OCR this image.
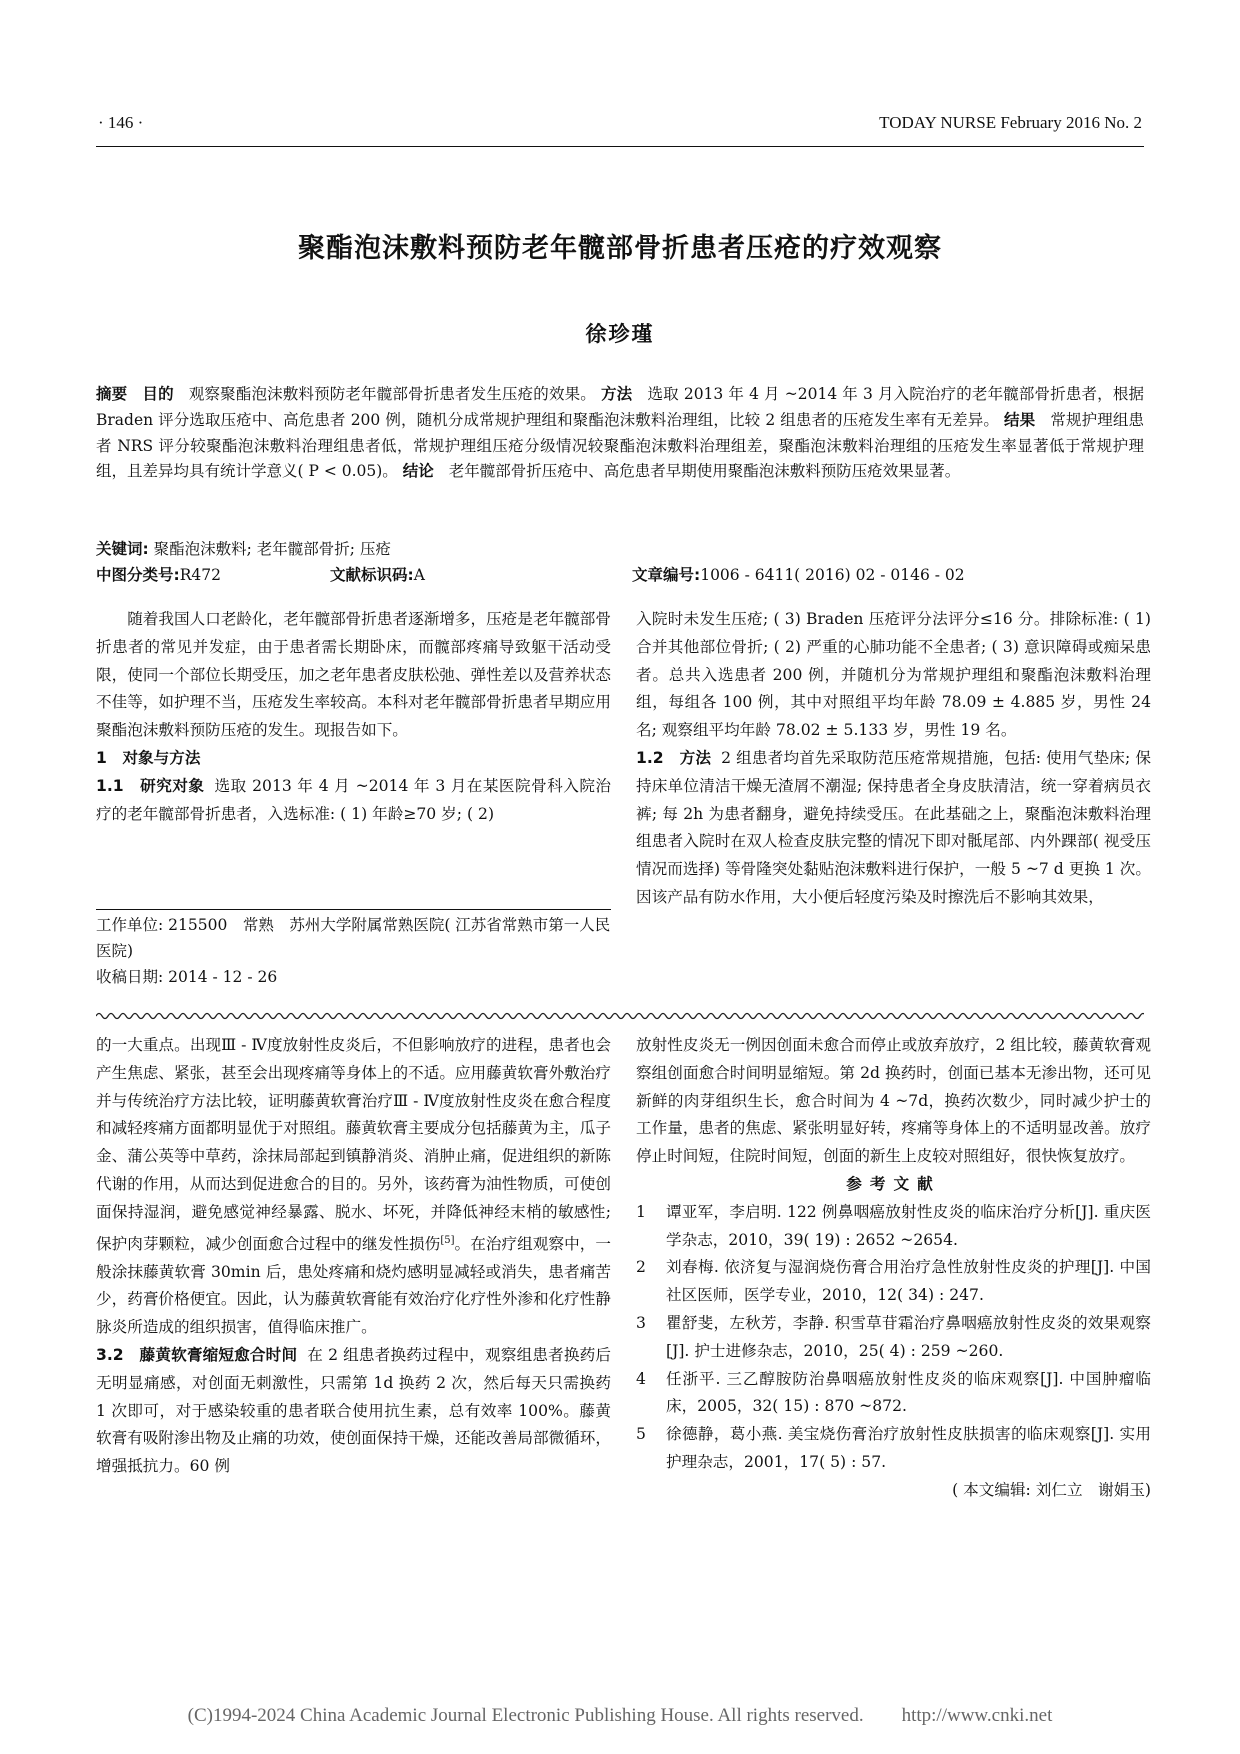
· 146 ·	TODAY NURSE February 2016 No. 2
聚酯泡沫敷料预防老年髋部骨折患者压疮的疗效观察
徐珍瑾
摘要 目的 观察聚酯泡沫敷料预防老年髋部骨折患者发生压疮的效果。 方法 选取 2013 年 4 月 ~2014 年 3 月入院治疗的老年髋部骨折患者，根据 Braden 评分选取压疮中、高危患者 200 例，随机分成常规护理组和聚酯泡沫敷料治理组，比较 2 组患者的压疮发生率有无差异。 结果 常规护理组患者 NRS 评分较聚酯泡沫敷料治理组患者低，常规护理组压疮分级情况较聚酯泡沫敷料治理组差，聚酯泡沫敷料治理组的压疮发生率显著低于常规护理组，且差异均具有统计学意义( P < 0.05)。 结论 老年髋部骨折压疮中、高危患者早期使用聚酯泡沫敷料预防压疮效果显著。
关键词: 聚酯泡沫敷料; 老年髋部骨折; 压疮
中图分类号:R472	文献标识码:A	文章编号:1006 - 6411( 2016) 02 - 0146 - 02

随着我国人口老龄化，老年髋部骨折患者逐渐增多，压疮是老年髋部骨折患者的常见并发症，由于患者需长期卧床，而髋部疼痛导致躯干活动受限，使同一个部位长期受压，加之老年患者皮肤松弛、弹性差以及营养状态不佳等，如护理不当，压疮发生率较高。本科对老年髋部骨折患者早期应用聚酯泡沫敷料预防压疮的发生。现报告如下。

1　对象与方法

1.1　研究对象 选取 2013 年 4 月 ~2014 年 3 月在某医院骨科入院治疗的老年髋部骨折患者，入选标准: ( 1) 年龄≥70 岁; ( 2)

入院时未发生压疮; ( 3) Braden 压疮评分法评分≤16 分。排除标准: ( 1) 合并其他部位骨折; ( 2) 严重的心肺功能不全患者; ( 3) 意识障碍或痴呆患者。总共入选患者 200 例，并随机分为常规护理组和聚酯泡沫敷料治理组，每组各 100 例，其中对照组平均年龄 78.09 ± 4.885 岁，男性 24 名; 观察组平均年龄 78.02 ± 5.133 岁，男性 19 名。

1.2　方法 2 组患者均首先采取防范压疮常规措施，包括: 使用气垫床; 保持床单位清洁干燥无渣屑不潮湿; 保持患者全身皮肤清洁，统一穿着病员衣裤; 每 2h 为患者翻身，避免持续受压。在此基础之上，聚酯泡沫敷料治理组患者入院时在双人检查皮肤完整的情况下即对骶尾部、内外踝部( 视受压情况而选择) 等骨隆突处黏贴泡沫敷料进行保护，一般 5 ~7 d 更换 1 次。因该产品有防水作用，大小便后轻度污染及时擦洗后不影响其效果，

工作单位: 215500　常熟　苏州大学附属常熟医院( 江苏省常熟市第一人民医院)
收稿日期: 2014 - 12 - 26

的一大重点。出现Ⅲ - Ⅳ度放射性皮炎后，不但影响放疗的进程，患者也会产生焦虑、紧张，甚至会出现疼痛等身体上的不适。应用藤黄软膏外敷治疗并与传统治疗方法比较，证明藤黄软膏治疗Ⅲ - Ⅳ度放射性皮炎在愈合程度和减轻疼痛方面都明显优于对照组。藤黄软膏主要成分包括藤黄为主，瓜子金、蒲公英等中草药，涂抹局部起到镇静消炎、消肿止痛，促进组织的新陈代谢的作用，从而达到促进愈合的目的。另外，该药膏为油性物质，可使创面保持湿润，避免感觉神经暴露、脱水、坏死，并降低神经末梢的敏感性; 保护肉芽颗粒，减少创面愈合过程中的继发性损伤[5]。在治疗组观察中，一般涂抹藤黄软膏 30min 后，患处疼痛和烧灼感明显减轻或消失，患者痛苦少，药膏价格便宜。因此，认为藤黄软膏能有效治疗化疗性外渗和化疗性静脉炎所造成的组织损害，值得临床推广。

3.2　藤黄软膏缩短愈合时间 在 2 组患者换药过程中，观察组患者换药后无明显痛感，对创面无刺激性，只需第 1d 换药 2 次，然后每天只需换药 1 次即可，对于感染较重的患者联合使用抗生素，总有效率 100%。藤黄软膏有吸附渗出物及止痛的功效，使创面保持干燥，还能改善局部微循环，增强抵抗力。60 例

放射性皮炎无一例因创面未愈合而停止或放弃放疗，2 组比较，藤黄软膏观察组创面愈合时间明显缩短。第 2d 换药时，创面已基本无渗出物，还可见新鲜的肉芽组织生长，愈合时间为 4 ~7d，换药次数少，同时减少护士的工作量，患者的焦虑、紧张明显好转，疼痛等身体上的不适明显改善。放疗停止时间短，住院时间短，创面的新生上皮较对照组好，很快恢复放疗。

参考文献
1	谭亚军，李启明. 122 例鼻咽癌放射性皮炎的临床治疗分析[J]. 重庆医学杂志，2010，39( 19) : 2652 ~2654.
2	刘春梅. 依济复与湿润烧伤膏合用治疗急性放射性皮炎的护理[J]. 中国社区医师，医学专业，2010，12( 34) : 247.
3	瞿舒斐，左秋芳，李静. 积雪草苷霜治疗鼻咽癌放射性皮炎的效果观察[J]. 护士进修杂志，2010，25( 4) : 259 ~260.
4	任浙平. 三乙醇胺防治鼻咽癌放射性皮炎的临床观察[J]. 中国肿瘤临床，2005，32( 15) : 870 ~872.
5	徐德静，葛小燕. 美宝烧伤膏治疗放射性皮肤损害的临床观察[J]. 实用护理杂志，2001，17( 5) : 57.
( 本文编辑: 刘仁立　谢娟玉)
(C)1994-2024 China Academic Journal Electronic Publishing House. All rights reserved.　　http://www.cnki.net
